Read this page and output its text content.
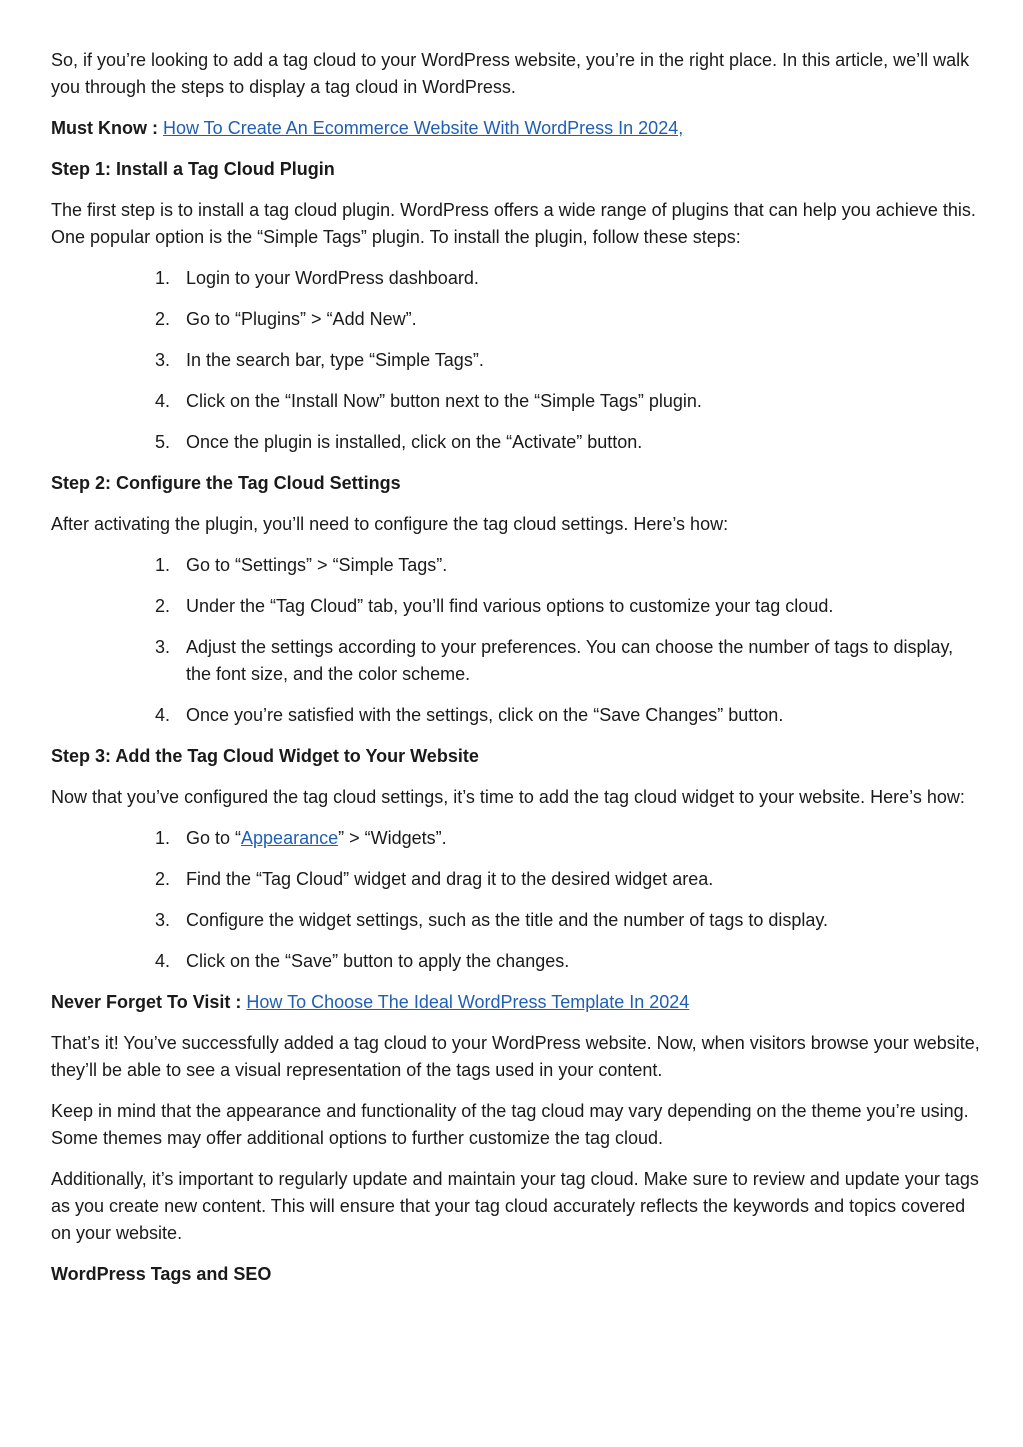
So, if you’re looking to add a tag cloud to your WordPress website, you’re in the right place. In this article, we’ll walk you through the steps to display a tag cloud in WordPress.

Must Know : How To Create An Ecommerce Website With WordPress In 2024,

Step 1: Install a Tag Cloud Plugin

The first step is to install a tag cloud plugin. WordPress offers a wide range of plugins that can help you achieve this. One popular option is the “Simple Tags” plugin. To install the plugin, follow these steps:

1. Login to your WordPress dashboard.
2. Go to “Plugins” > “Add New”.
3. In the search bar, type “Simple Tags”.
4. Click on the “Install Now” button next to the “Simple Tags” plugin.
5. Once the plugin is installed, click on the “Activate” button.

Step 2: Configure the Tag Cloud Settings

After activating the plugin, you’ll need to configure the tag cloud settings. Here’s how:

1. Go to “Settings” > “Simple Tags”.
2. Under the “Tag Cloud” tab, you’ll find various options to customize your tag cloud.
3. Adjust the settings according to your preferences. You can choose the number of tags to display, the font size, and the color scheme.
4. Once you’re satisfied with the settings, click on the “Save Changes” button.

Step 3: Add the Tag Cloud Widget to Your Website

Now that you’ve configured the tag cloud settings, it’s time to add the tag cloud widget to your website. Here’s how:

1. Go to “Appearance” > “Widgets”.
2. Find the “Tag Cloud” widget and drag it to the desired widget area.
3. Configure the widget settings, such as the title and the number of tags to display.
4. Click on the “Save” button to apply the changes.

Never Forget To Visit : How To Choose The Ideal WordPress Template In 2024

That’s it! You’ve successfully added a tag cloud to your WordPress website. Now, when visitors browse your website, they’ll be able to see a visual representation of the tags used in your content.

Keep in mind that the appearance and functionality of the tag cloud may vary depending on the theme you’re using. Some themes may offer additional options to further customize the tag cloud.

Additionally, it’s important to regularly update and maintain your tag cloud. Make sure to review and update your tags as you create new content. This will ensure that your tag cloud accurately reflects the keywords and topics covered on your website.

WordPress Tags and SEO
